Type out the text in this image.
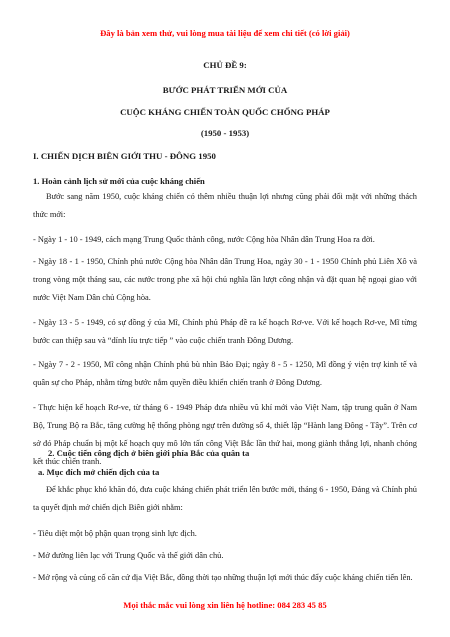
Đây là bản xem thử, vui lòng mua tài liệu để xem chi tiết (có lời giải)
CHỦ ĐỀ 9:
BƯỚC PHÁT TRIỂN MỚI CỦA
CUỘC KHÁNG CHIẾN TOÀN QUỐC CHỐNG PHÁP
(1950 - 1953)
I. CHIẾN DỊCH BIÊN GIỚI THU - ĐÔNG 1950
1. Hoàn cảnh lịch sử mới của cuộc kháng chiến
Bước sang năm 1950, cuộc kháng chiến có thêm nhiều thuận lợi nhưng cũng phải đối mặt với những thách thức mới:
- Ngày 1 - 10 - 1949, cách mạng Trung Quốc thành công, nước Cộng hòa Nhân dân Trung Hoa ra đời.
- Ngày 18 - 1 - 1950, Chính phủ nước Cộng hòa Nhân dân Trung Hoa, ngày 30 - 1 - 1950 Chính phủ Liên Xô và trong vòng một tháng sau, các nước trong phe xã hội chủ nghĩa lần lượt công nhận và đặt quan hệ ngoại giao với nước Việt Nam Dân chủ Cộng hòa.
- Ngày 13 - 5 - 1949, có sự đồng ý của Mĩ, Chính phủ Pháp đề ra kế hoạch Rơ-ve. Với kế hoạch Rơ-ve, Mĩ từng bước can thiệp sau và “dính líu trực tiếp ” vào cuộc chiến tranh Đông Dương.
- Ngày 7 - 2 - 1950, Mĩ công nhận Chính phủ bù nhìn Bảo Đại; ngày 8 - 5 - 1250, Mĩ đồng ý viện trợ kinh tế và quân sự cho Pháp, nhằm từng bước nắm quyền điều khiển chiến tranh ở Đông Dương.
- Thực hiện kế hoạch Rơ-ve, từ tháng 6 - 1949 Pháp đưa nhiều vũ khí mới vào Việt Nam, tập trung quân ở Nam Bộ, Trung Bộ ra Bắc, tăng cường hệ thống phòng ngự trên đường số 4, thiết lập “Hành lang Đông - Tây”. Trên cơ sở đó Pháp chuẩn bị một kế hoạch quy mô lớn tấn công Việt Bắc lần thứ hai, mong giành thắng lợi, nhanh chóng kết thúc chiến tranh.
2. Cuộc tiến công địch ở biên giới phía Bắc của quân ta
a. Mục đích mở chiến dịch của ta
Để khắc phục khó khăn đó, đưa cuộc kháng chiến phát triển lên bước mới, tháng 6 - 1950, Đảng và Chính phủ ta quyết định mở chiến dịch Biên giới nhằm:
- Tiêu diệt một bộ phận quan trọng sinh lực địch.
- Mở đường liên lạc với Trung Quốc và thế giới dân chủ.
- Mở rộng và củng cố căn cứ địa Việt Bắc, đồng thời tạo những thuận lợi mới thúc đẩy cuộc kháng chiến tiến lên.
Mọi thắc mắc vui lòng xin liên hệ hotline: 084 283 45 85
